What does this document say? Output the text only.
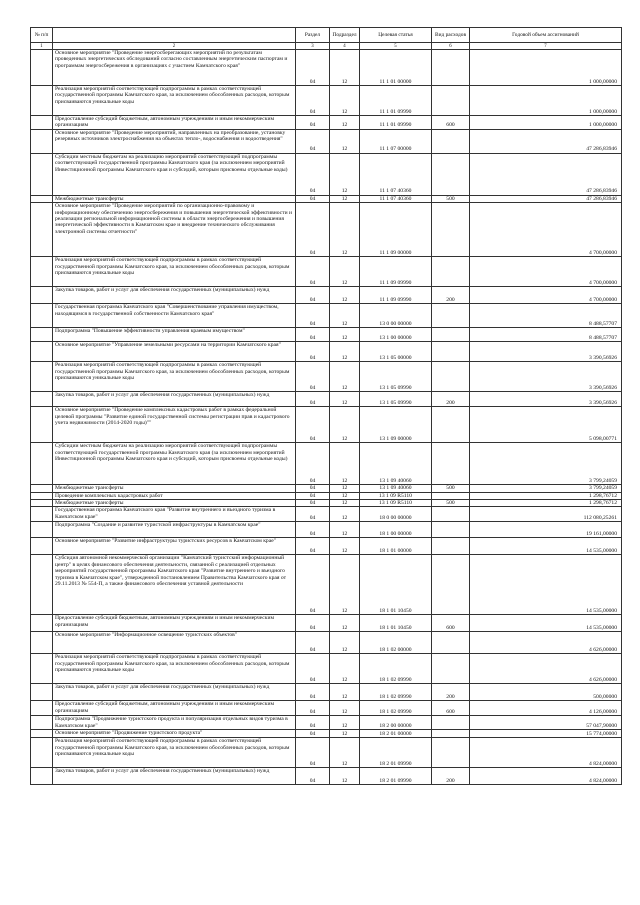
№ п/п		Раздел	Подраздел	Целевая статья	Вид расходов	Годовой объем ассигнований
1	2	3	4	5	6	7
	Основное мероприятие "Проведение энергосберегающих мероприятий по результатам проведенных энергетических обследований согласно составленным энергетическим паспортам и программам энергосбережения в организациях с участием Камчатского края"	04	12	11 1 01 00000		1 000,00000
	Реализация мероприятий соответствующей подпрограммы в рамках соответствующей государственной программы Камчатского края, за исключением обособленных расходов, которым присваиваются уникальные коды	04	12	11 1 01 09990		1 000,00000
	Предоставление субсидий бюджетным, автономным учреждениям и иным некоммерческим организациям	04	12	11 1 01 09990	600	1 000,00000
	Основное мероприятие "Проведение мероприятий, направленных на преобразование, установку резервных источников электроснабжения на объектах тепло-, водоснабжения и водоотведения"	04	12	11 1 07 00000		47 286,83946
	Субсидии местным бюджетам на реализацию мероприятий соответствующей подпрограммы соответствующей государственной программы Камчатского края (за исключением мероприятий Инвестиционной программы Камчатского края и субсидий, которым присвоены отдельные коды)	04	12	11 1 07 40360		47 286,83946
	Межбюджетные трансферты	04	12	11 1 07 40360	500	47 286,83946
	Основное мероприятие "Проведение мероприятий по организационно-правовому и информационному обеспечению энергосбережения и повышения энергетической эффективности и реализации региональной информационной системы в области энергосбережения и повышения энергетической эффективности в Камчатском крае и внедрение технического обслуживания электронной системы отчетности"	04	12	11 1 09 00000		4 700,00000
	Реализация мероприятий соответствующей подпрограммы в рамках соответствующей государственной программы Камчатского края, за исключением обособленных расходов, которым присваиваются уникальные коды	04	12	11 1 09 09990		4 700,00000
	Закупка товаров, работ и услуг для обеспечения государственных (муниципальных) нужд	04	12	11 1 09 09990	200	4 700,00000
	Государственная программа Камчатского края "Совершенствование управления имуществом, находящимся в государственной собственности Камчатского края"	04	12	13 0 00 00000		8 488,57707
	Подпрограмма "Повышение эффективности управления краевым имуществом"	04	12	13 1 00 00000		8 488,57707
	Основное мероприятие "Управление земельными ресурсами на территории Камчатского края"	04	12	13 1 05 00000		3 390,56926
	Реализация мероприятий соответствующей подпрограммы в рамках соответствующей государственной программы Камчатского края, за исключением обособленных расходов, которым присваиваются уникальные коды	04	12	13 1 05 09990		3 390,56926
	Закупка товаров, работ и услуг для обеспечения государственных (муниципальных) нужд	04	12	13 1 05 09990	200	3 390,56926
	Основное мероприятие "Проведение комплексных кадастровых работ в рамках федеральной целевой программы "Развитие единой государственной системы регистрации прав и кадастрового учета недвижимости (2014-2020 годы)""	04	12	13 1 09 00000		5 098,00771
	Субсидии местным бюджетам на реализацию мероприятий соответствующей подпрограммы соответствующей государственной программы Камчатского края (за исключением мероприятий Инвестиционной программы Камчатского края и субсидий, которым присвоены отдельные коды)	04	12	13 1 09 40060		3 799,24059
	Межбюджетные трансферты	04	12	13 1 09 40060	500	3 799,24059
	Проведение комплексных кадастровых работ	04	12	13 1 09 R5110		1 298,76712
	Межбюджетные трансферты	04	12	13 1 09 R5110	500	1 298,76712
	Государственная программа Камчатского края "Развитие внутреннего и въездного туризма в Камчатском крае"	04	12	18 0 00 00000		112 080,25261
	Подпрограмма "Создание и развитие туристской инфраструктуры в Камчатском крае"	04	12	18 1 00 00000		19 161,00000
	Основное мероприятие "Развитие инфраструктуры туристских ресурсов в Камчатском крае"	04	12	18 1 01 00000		14 535,00000
	Субсидия автономной некоммерческой организации "Камчатский туристский информационный центр" в целях финансового обеспечения деятельности, связанной с реализацией отдельных мероприятий государственной программы Камчатского края "Развитие внутреннего и въездного туризма в Камчатском крае", утвержденной постановлением Правительства Камчатского края от 29.11.2013 № 554-П, а также финансового обеспечения уставной деятельности	04	12	18 1 01 10450		14 535,00000
	Предоставление субсидий бюджетным, автономным учреждениям и иным некоммерческим организациям	04	12	18 1 01 10450	600	14 535,00000
	Основное мероприятие "Информационное освещение туристских объектов"	04	12	18 1 02 00000		4 626,00000
	Реализация мероприятий соответствующей подпрограммы в рамках соответствующей государственной программы Камчатского края, за исключением обособленных расходов, которым присваиваются уникальные коды	04	12	18 1 02 09990		4 626,00000
	Закупка товаров, работ и услуг для обеспечения государственных (муниципальных) нужд	04	12	18 1 02 09990	200	500,00000
	Предоставление субсидий бюджетным, автономным учреждениям и иным некоммерческим организациям	04	12	18 1 02 09990	600	4 126,00000
	Подпрограмма "Продвижение туристского продукта и популяризация отдельных видов туризма в Камчатском крае"	04	12	18 2 00 00000		57 047,90000
	Основное мероприятие "Продвижение туристского продукта"	04	12	18 2 01 00000		15 774,00000
	Реализация мероприятий соответствующей подпрограммы в рамках соответствующей государственной программы Камчатского края, за исключением обособленных расходов, которым присваиваются уникальные коды	04	12	18 2 01 09990		4 824,00000
	Закупка товаров, работ и услуг для обеспечения государственных (муниципальных) нужд	04	12	18 2 01 09990	200	4 824,00000
